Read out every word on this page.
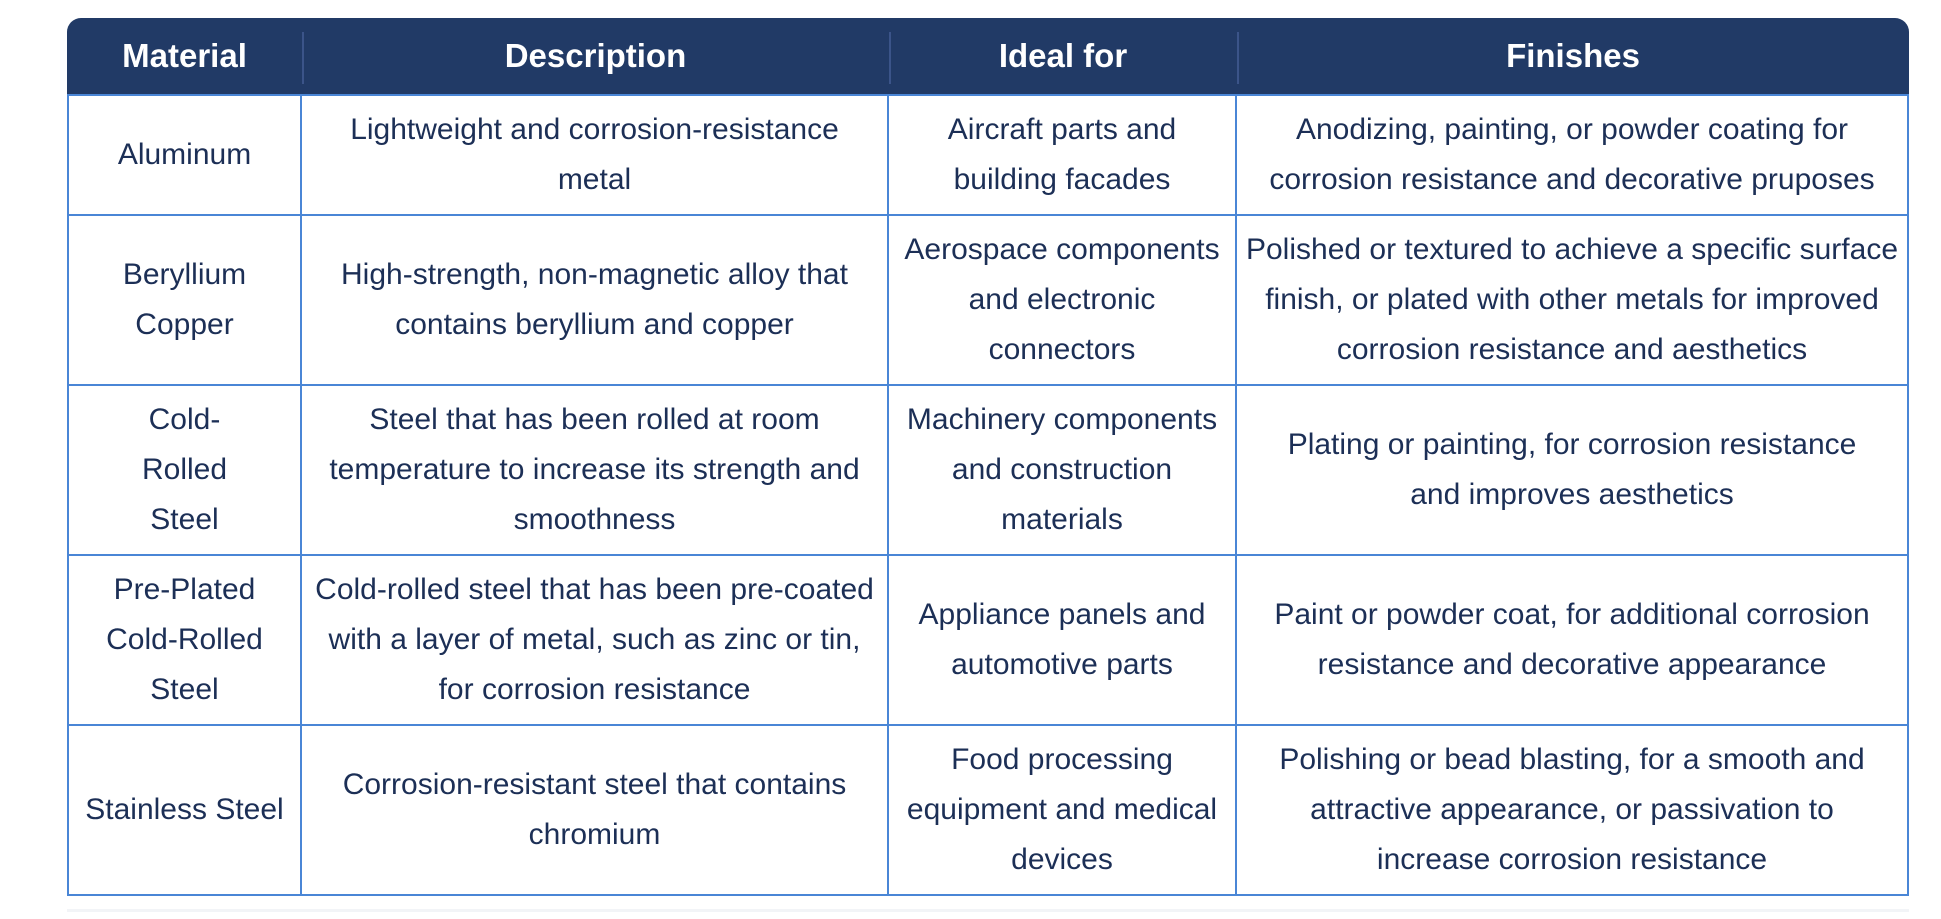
Material	Description	Ideal for	Finishes
Aluminum	Lightweight and corrosion-resistance metal	Aircraft parts and building facades	Anodizing, painting, or powder coating for corrosion resistance and decorative pruposes
Beryllium Copper	High-strength, non-magnetic alloy that contains beryllium and copper	Aerospace components and electronic connectors	Polished or textured to achieve a specific surface finish, or plated with other metals for improved corrosion resistance and aesthetics
Cold-Rolled Steel	Steel that has been rolled at room temperature to increase its strength and smoothness	Machinery components and construction materials	Plating or painting, for corrosion resistance and improves aesthetics
Pre-Plated Cold-Rolled Steel	Cold-rolled steel that has been pre-coated with a layer of metal, such as zinc or tin, for corrosion resistance	Appliance panels and automotive parts	Paint or powder coat, for additional corrosion resistance and decorative appearance
Stainless Steel	Corrosion-resistant steel that contains chromium	Food processing equipment and medical devices	Polishing or bead blasting, for a smooth and attractive appearance, or passivation to increase corrosion resistance
